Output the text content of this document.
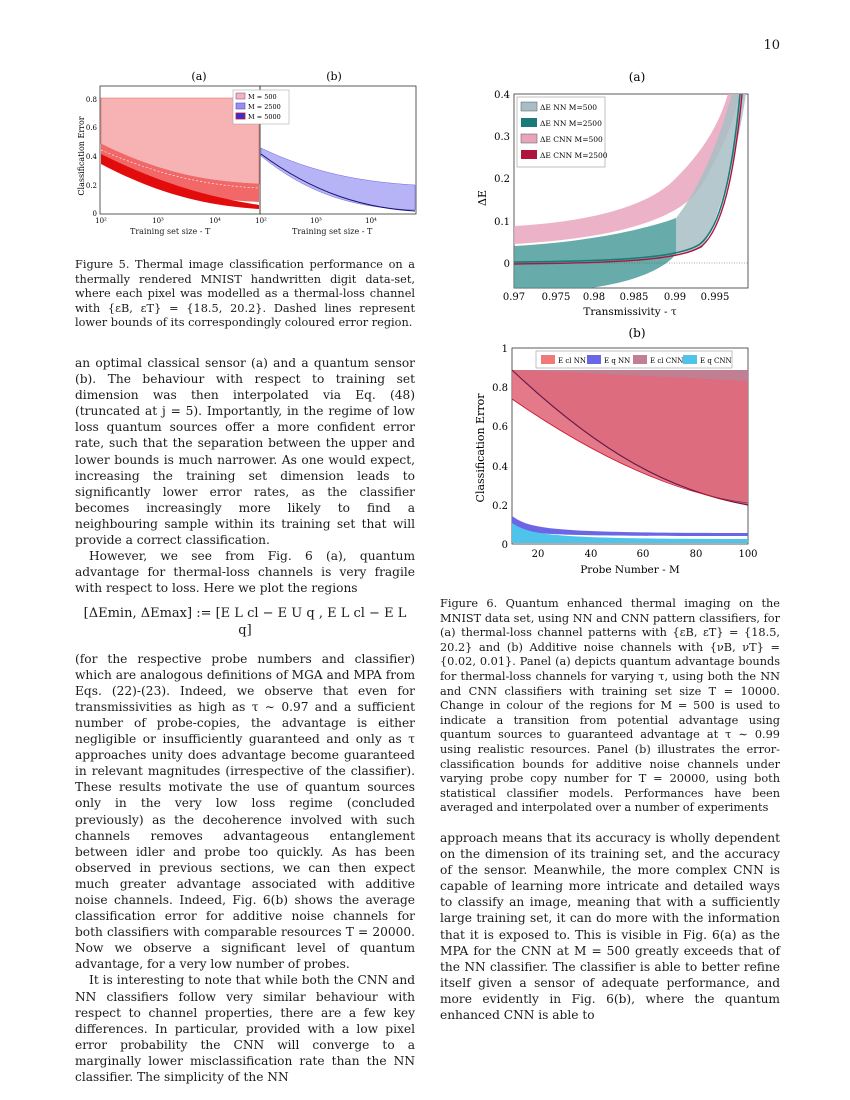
10
(a)	(b)
Classification Error
0
0.2
0.4
0.6
0.8
10²	10³	10⁴	10²	10³	10⁴
M = 500
M = 2500
M = 5000
Training set size - T	Training set size - T
Figure 5. Thermal image classification performance on a thermally rendered MNIST handwritten digit data-set, where each pixel was modelled as a thermal-loss channel with {εB, εT} = {18.5, 20.2}. Dashed lines represent lower bounds of its correspondingly coloured error region.

an optimal classical sensor (a) and a quantum sensor (b). The behaviour with respect to training set dimension was then interpolated via Eq. (48) (truncated at j = 5). Importantly, in the regime of low loss quantum sources offer a more confident error rate, such that the separation between the upper and lower bounds is much narrower. As one would expect, increasing the training set dimension leads to significantly lower error rates, as the classifier becomes increasingly more likely to find a neighbouring sample within its training set that will provide a correct classification.

However, we see from Fig. 6 (a), quantum advantage for thermal-loss channels is very fragile with respect to loss. Here we plot the regions

[ΔEmin, ΔEmax] := [E L cl − E U q , E L cl − E L q]

(for the respective probe numbers and classifier) which are analogous definitions of MGA and MPA from Eqs. (22)-(23). Indeed, we observe that even for transmissivities as high as τ ∼ 0.97 and a sufficient number of probe-copies, the advantage is either negligible or insufficiently guaranteed and only as τ approaches unity does advantage become guaranteed in relevant magnitudes (irrespective of the classifier). These results motivate the use of quantum sources only in the very low loss regime (concluded previously) as the decoherence involved with such channels removes advantageous entanglement between idler and probe too quickly. As has been observed in previous sections, we can then expect much greater advantage associated with additive noise channels. Indeed, Fig. 6(b) shows the average classification error for additive noise channels for both classifiers with comparable resources T = 20000. Now we observe a significant level of quantum advantage, for a very low number of probes.

It is interesting to note that while both the CNN and NN classifiers follow very similar behaviour with respect to channel properties, there are a few key differences. In particular, provided with a low pixel error probability the CNN will converge to a marginally lower misclassification rate than the NN classifier. The simplicity of the NN

(a)
ΔE
Transmissivity - τ
0
0.1
0.2
0.3
0.4
0.97 0.975 0.98 0.985 0.99 0.995
ΔE NN M=500
ΔE NN M=2500
ΔE CNN M=500
ΔE CNN M=2500
(b)
Classification Error
Probe Number - M
0
0.2
0.4
0.6
0.8
1
20	40	60	80	100
E cl NN	E q NN	E cl CNN E q CNN
Figure 6. Quantum enhanced thermal imaging on the MNIST data set, using NN and CNN pattern classifiers, for (a) thermal-loss channel patterns with {εB, εT} = {18.5, 20.2} and (b) Additive noise channels with {νB, νT} = {0.02, 0.01}. Panel (a) depicts quantum advantage bounds for thermal-loss channels for varying τ, using both the NN and CNN classifiers with training set size T = 10000. Change in colour of the regions for M = 500 is used to indicate a transition from potential advantage using quantum sources to guaranteed advantage at τ ∼ 0.99 using realistic resources. Panel (b) illustrates the error-classification bounds for additive noise channels under varying probe copy number for T = 20000, using both statistical classifier models. Performances have been averaged and interpolated over a number of experiments

approach means that its accuracy is wholly dependent on the dimension of its training set, and the accuracy of the sensor. Meanwhile, the more complex CNN is capable of learning more intricate and detailed ways to classify an image, meaning that with a sufficiently large training set, it can do more with the information that it is exposed to. This is visible in Fig. 6(a) as the MPA for the CNN at M = 500 greatly exceeds that of the NN classifier. The classifier is able to better refine itself given a sensor of adequate performance, and more evidently in Fig. 6(b), where the quantum enhanced CNN is able to
